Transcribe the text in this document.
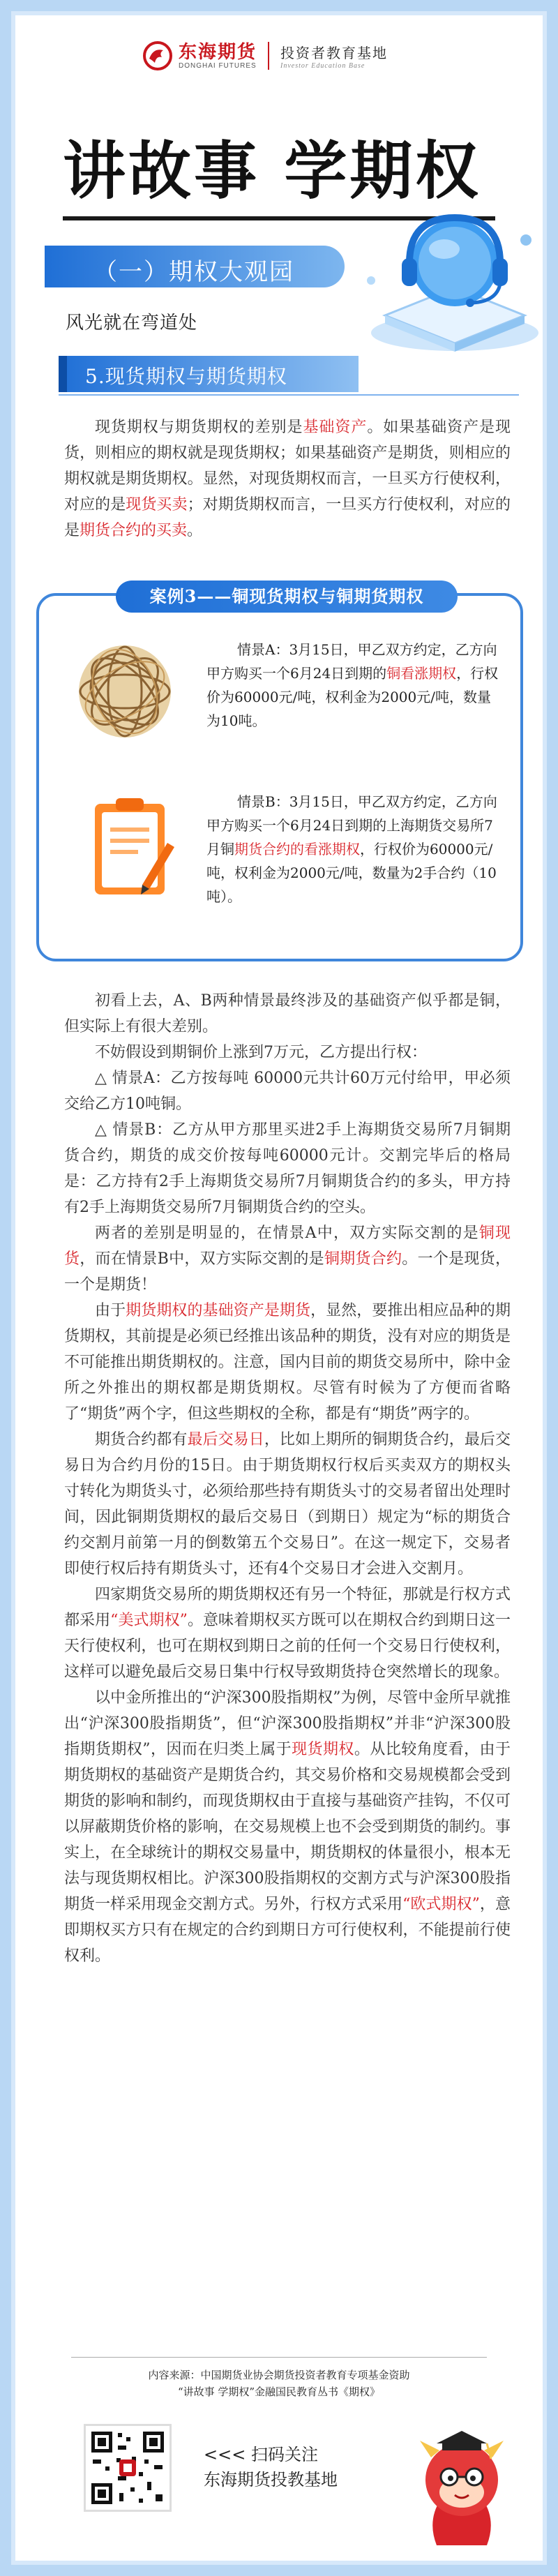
东海期货
DONGHAI FUTURES
投资者教育基地
Investor Education Base
讲故事 学期权
（一）期权大观园
风光就在弯道处
5.现货期权与期货期权

现货期权与期货期权的差别是基础资产。如果基础资产是现货，则相应的期权就是现货期权；如果基础资产是期货，则相应的期权就是期货期权。显然，对现货期权而言，一旦买方行使权利，对应的是现货买卖；对期货期权而言，一旦买方行使权利，对应的是期货合约的买卖。

案例3——铜现货期权与铜期货期权

情景A：3月15日，甲乙双方约定，乙方向甲方购买一个6月24日到期的铜看涨期权，行权价为60000元/吨，权利金为2000元/吨，数量为10吨。

情景B：3月15日，甲乙双方约定，乙方向甲方购买一个6月24日到期的上海期货交易所7月铜期货合约的看涨期权，行权价为60000元/吨，权利金为2000元/吨，数量为2手合约（10吨）。

初看上去，A、B两种情景最终涉及的基础资产似乎都是铜，但实际上有很大差别。

不妨假设到期铜价上涨到7万元，乙方提出行权：

△ 情景A：乙方按每吨 60000元共计60万元付给甲，甲必须交给乙方10吨铜。

△ 情景B：乙方从甲方那里买进2手上海期货交易所7月铜期货合约，期货的成交价按每吨60000元计。交割完毕后的格局是：乙方持有2手上海期货交易所7月铜期货合约的多头，甲方持有2手上海期货交易所7月铜期货合约的空头。

两者的差别是明显的，在情景A中，双方实际交割的是铜现货，而在情景B中，双方实际交割的是铜期货合约。一个是现货，一个是期货！

由于期货期权的基础资产是期货，显然，要推出相应品种的期货期权，其前提是必须已经推出该品种的期货，没有对应的期货是不可能推出期货期权的。注意，国内目前的期货交易所中，除中金所之外推出的期权都是期货期权。尽管有时候为了方便而省略了“期货”两个字，但这些期权的全称，都是有“期货”两字的。

期货合约都有最后交易日，比如上期所的铜期货合约，最后交易日为合约月份的15日。由于期货期权行权后买卖双方的期权头寸转化为期货头寸，必须给那些持有期货头寸的交易者留出处理时间，因此铜期货期权的最后交易日（到期日）规定为“标的期货合约交割月前第一月的倒数第五个交易日”。在这一规定下，交易者即使行权后持有期货头寸，还有4个交易日才会进入交割月。

四家期货交易所的期货期权还有另一个特征，那就是行权方式都采用“美式期权”。意味着期权买方既可以在期权合约到期日这一天行使权利，也可在期权到期日之前的任何一个交易日行使权利，这样可以避免最后交易日集中行权导致期货持仓突然增长的现象。

以中金所推出的“沪深300股指期权”为例，尽管中金所早就推出“沪深300股指期货”，但“沪深300股指期权”并非“沪深300股指期货期权”，因而在归类上属于现货期权。从比较角度看，由于期货期权的基础资产是期货合约，其交易价格和交易规模都会受到期货的影响和制约，而现货期权由于直接与基础资产挂钩，不仅可以屏蔽期货价格的影响，在交易规模上也不会受到期货的制约。事实上，在全球统计的期权交易量中，期货期权的体量很小，根本无法与现货期权相比。沪深300股指期权的交割方式与沪深300股指期货一样采用现金交割方式。另外，行权方式采用“欧式期权”，意即期权买方只有在规定的合约到期日方可行使权利，不能提前行使权利。

内容来源：中国期货业协会期货投资者教育专项基金资助
“讲故事 学期权”金融国民教育丛书《期权》
<<< 扫码关注
东海期货投教基地
